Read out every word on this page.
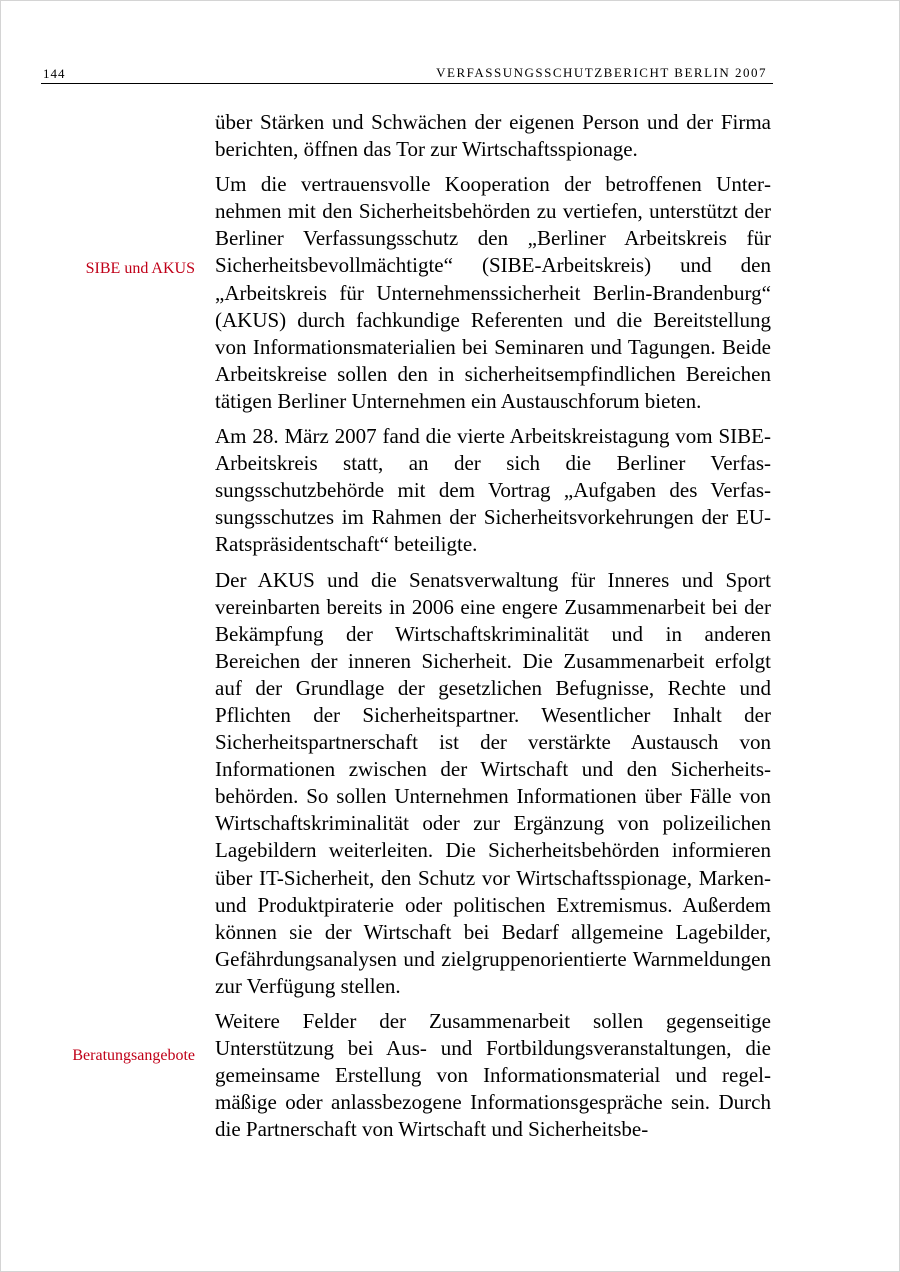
144	VERFASSUNGSSCHUTZBERICHT BERLIN 2007
SIBE und AKUS
Beratungsangebote

über Stärken und Schwächen der eigenen Person und der Firma berichten, öffnen das Tor zur Wirtschaftsspionage.

Um die vertrauensvolle Kooperation der betroffenen Unternehmen mit den Sicherheitsbehörden zu vertiefen, unterstützt der Berliner Verfassungsschutz den „Berliner Arbeitskreis für Sicherheitsbevollmächtigte“ (SIBE-Arbeitskreis) und den „Arbeitskreis für Unternehmenssicherheit Berlin-Brandenburg“ (AKUS) durch fachkundige Referenten und die Bereitstellung von Informationsmaterialien bei Seminaren und Tagungen. Beide Arbeitskreise sollen den in sicherheitsempfindlichen Bereichen tätigen Berliner Unternehmen ein Austauschforum bieten.

Am 28. März 2007 fand die vierte Arbeitskreistagung vom SIBE-Arbeitskreis statt, an der sich die Berliner Verfassungsschutzbehörde mit dem Vortrag „Aufgaben des Verfassungsschutzes im Rahmen der Sicherheitsvorkehrungen der EU-Ratspräsidentschaft“ beteiligte.

Der AKUS und die Senatsverwaltung für Inneres und Sport vereinbarten bereits in 2006 eine engere Zusammenarbeit bei der Bekämpfung der Wirtschaftskriminalität und in anderen Bereichen der inneren Sicherheit. Die Zusammenarbeit erfolgt auf der Grundlage der gesetzlichen Befugnisse, Rechte und Pflichten der Sicherheitspartner. Wesentlicher Inhalt der Sicherheitspartnerschaft ist der verstärkte Austausch von Informationen zwischen der Wirtschaft und den Sicherheitsbehörden. So sollen Unternehmen Informationen über Fälle von Wirtschaftskriminalität oder zur Ergänzung von polizeilichen Lagebildern weiterleiten. Die Sicherheitsbehörden informieren über IT-Sicherheit, den Schutz vor Wirtschaftsspionage, Marken- und Produktpiraterie oder politischen Extremismus. Außerdem können sie der Wirtschaft bei Bedarf allgemeine Lagebilder, Gefährdungsanalysen und zielgruppenorientierte Warnmeldungen zur Verfügung stellen.

Weitere Felder der Zusammenarbeit sollen gegenseitige Unterstützung bei Aus- und Fortbildungsveranstaltungen, die gemeinsame Erstellung von Informationsmaterial und regelmäßige oder anlassbezogene Informationsgespräche sein. Durch die Partnerschaft von Wirtschaft und Sicherheitsbe-
